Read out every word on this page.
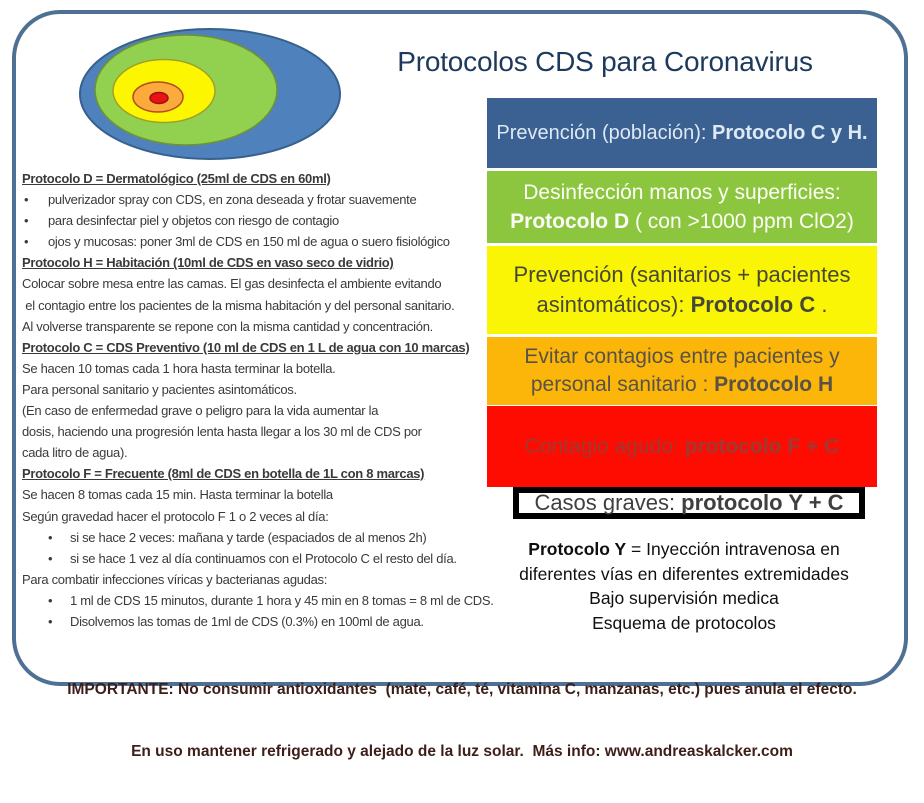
Protocolos CDS para Coronavirus
Prevención (población): Protocolo C y H.
Desinfección manos y superficies: Protocolo D ( con >1000 ppm ClO2)
Prevención (sanitarios + pacientes asintomáticos): Protocolo C .
Evitar contagios entre pacientes y personal sanitario : Protocolo H
Contagio agudo: protocolo F + C
Casos graves: protocolo Y + C
Protocolo Y = Inyección intravenosa en
diferentes vías en diferentes extremidades
Bajo supervisión medica
Esquema de protocolos
Protocolo D = Dermatológico (25ml de CDS en 60ml)
• pulverizador spray con CDS, en zona deseada y frotar suavemente
• para desinfectar piel y objetos con riesgo de contagio
• ojos y mucosas: poner 3ml de CDS en 150 ml de agua o suero fisiológico
Protocolo H = Habitación (10ml de CDS en vaso seco de vidrio)
Colocar sobre mesa entre las camas. El gas desinfecta el ambiente evitando
el contagio entre los pacientes de la misma habitación y del personal sanitario.
Al volverse transparente se repone con la misma cantidad y concentración.
Protocolo C = CDS Preventivo (10 ml de CDS en 1 L de agua con 10 marcas)
Se hacen 10 tomas cada 1 hora hasta terminar la botella.
Para personal sanitario y pacientes asintomáticos.
(En caso de enfermedad grave o peligro para la vida aumentar la
dosis, haciendo una progresión lenta hasta llegar a los 30 ml de CDS por
cada litro de agua).
Protocolo F = Frecuente (8ml de CDS en botella de 1L con 8 marcas)
Se hacen 8 tomas cada 15 min. Hasta terminar la botella
Según gravedad hacer el protocolo F 1 o 2 veces al día:
• si se hace 2 veces: mañana y tarde (espaciados de al menos 2h)
• si se hace 1 vez al día continuamos con el Protocolo C el resto del día.
Para combatir infecciones víricas y bacterianas agudas:
• 1 ml de CDS 15 minutos, durante 1 hora y 45 min en 8 tomas = 8 ml de CDS.
• Disolvemos las tomas de 1ml de CDS (0.3%) en 100ml de agua.

IMPORTANTE: No consumir antioxidantes  (mate, café, té, vitamina C, manzanas, etc.) pues anula el efecto.

En uso mantener refrigerado y alejado de la luz solar.  Más info: www.andreaskalcker.com
